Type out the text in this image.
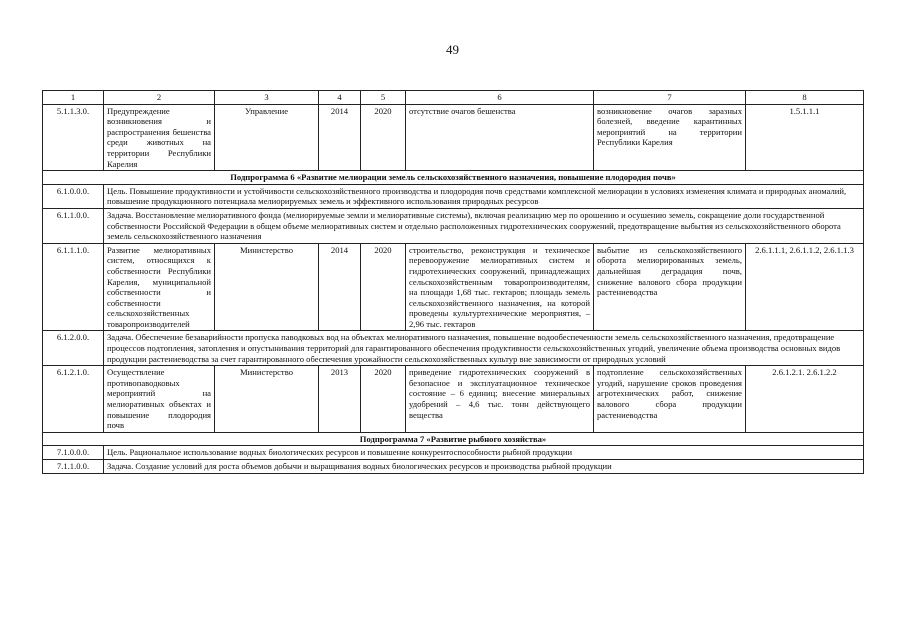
49
1	2	3	4	5	6	7	8
5.1.1.3.0.	Предупреждение возникновения и распространения бешенства среди животных на территории Республики Карелия	Управление	2014	2020	отсутствие очагов бешенства	возникновение очагов заразных болезней, введение карантинных мероприятий на территории Республики Карелия	1.5.1.1.1
Подпрограмма 6 «Развитие мелиорации земель сельскохозяйственного назначения, повышение плодородия почв»							
6.1.0.0.0.	Цель. Повышение продуктивности и устойчивости сельскохозяйственного производства и плодородия почв средствами комплексной мелиорации в условиях изменения климата и природных аномалий, повышение продукционного потенциала мелиорируемых земель и эффективного использования природных ресурсов						
6.1.1.0.0.	Задача. Восстановление мелиоративного фонда (мелиорируемые земли и мелиоративные системы), включая реализацию мер по орошению и осушению земель, сокращение доли государственной собственности Российской Федерации в общем объеме мелиоративных систем и отдельно расположенных гидротехнических сооружений, предотвращение выбытия из сельскохозяйственного оборота земель сельскохозяйственного назначения						
6.1.1.1.0.	Развитие мелиоративных систем, относящихся к собственности Республики Карелия, муниципальной собственности и собственности сельскохозяйственных товаропроизводителей	Министерство	2014	2020	строительство, реконструкция и техническое перевооружение мелиоративных систем и гидротехнических сооружений, принадлежащих сельскохозяйственным товаропроизводителям, на площади 1,68 тыс. гектаров; площадь земель сельскохозяйственного назначения, на которой проведены культуртехнические мероприятия, – 2,96 тыс. гектаров	выбытие из сельскохозяйственного оборота мелиорированных земель, дальнейшая деградация почв, снижение валового сбора продукции растениеводства	2.6.1.1.1, 2.6.1.1.2, 2.6.1.1.3
6.1.2.0.0.	Задача. Обеспечение безаварийности пропуска паводковых вод на объектах мелиоративного назначения, повышение водообеспеченности земель сельскохозяйственного назначения, предотвращение процессов подтопления, затопления и опустынивания территорий для гарантированного обеспечения продуктивности сельскохозяйственных угодий, увеличение объема производства основных видов продукции растениеводства за счет гарантированного обеспечения урожайности сельскохозяйственных культур вне зависимости от природных условий						
6.1.2.1.0.	Осуществление противопаводковых мероприятий на мелиоративных объектах и повышение плодородия почв	Министерство	2013	2020	приведение гидротехнических сооружений в безопасное и эксплуатационное техническое состояние – 6 единиц; внесение минеральных удобрений – 4,6 тыс. тонн действующего вещества	подтопление сельскохозяйственных угодий, нарушение сроков проведения агротехнических работ, снижение валового сбора продукции растениеводства	2.6.1.2.1. 2.6.1.2.2
Подпрограмма 7 «Развитие рыбного хозяйства»							
7.1.0.0.0.	Цель. Рациональное использование водных биологических ресурсов и повышение конкурентоспособности рыбной продукции						
7.1.1.0.0.	Задача. Создание условий для роста объемов добычи и выращивания водных биологических ресурсов и производства рыбной продукции						
